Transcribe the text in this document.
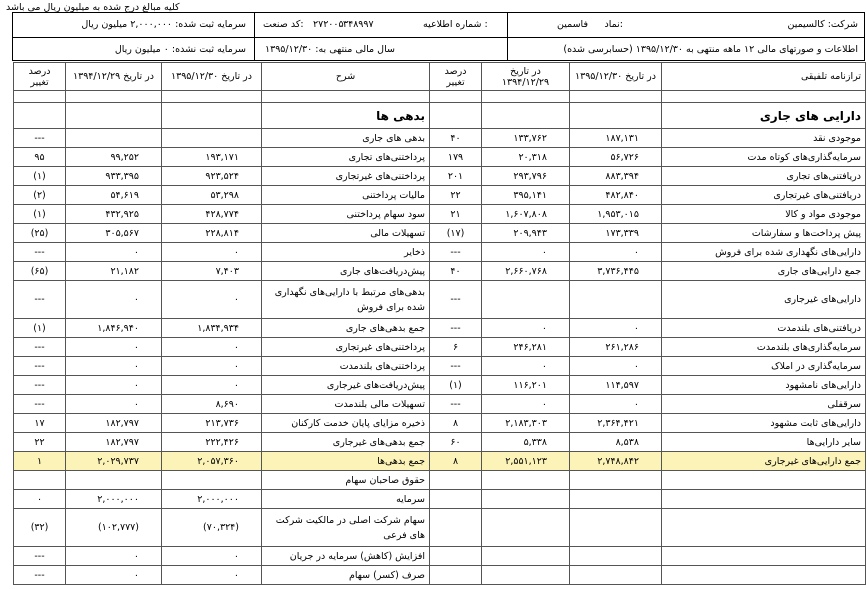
کلیه مبالغ درج شده به میلیون ریال می باشد
شرکت: کالسیمین
فاسمین نماد:
اطلاعات و صورتهای مالی ۱۲ ماهه منتهی به ۱۳۹۵/۱۲/۳۰ (حسابرسی شده)
۳۴۸۹۹۷	شماره اطلاعیه :
۲۷۲۰۰۵
کد صنعت:
سال مالی منتهی به: ۱۳۹۵/۱۲/۳۰
سرمایه ثبت شده: ۲,۰۰۰,۰۰۰ میلیون ریال
سرمایه ثبت نشده: ۰ میلیون ریال
درصد تغییر	در تاریخ ۱۳۹۴/۱۲/۲۹	در تاریخ ۱۳۹۵/۱۲/۳۰	شرح	درصد تغییر	در تاریخ ۱۳۹۴/۱۲/۲۹	در تاریخ ۱۳۹۵/۱۲/۳۰	ترازنامه تلفیقی

			بدهی ها				دارایی های جاری
---			بدهی های جاری	۴۰	۱۳۳,۷۶۲	۱۸۷,۱۳۱	موجودی نقد
۹۵	۹۹,۲۵۲	۱۹۳,۱۷۱	پرداختنی‌های تجاری	۱۷۹	۲۰,۳۱۸	۵۶,۷۲۶	سرمایه‌گذاری‌های کوتاه مدت
(۱)	۹۳۳,۳۹۵	۹۲۳,۵۲۴	پرداختنی‌های غیرتجاری	۲۰۱	۲۹۳,۷۹۶	۸۸۳,۳۹۴	دریافتنی‌های تجاری
(۲)	۵۴,۶۱۹	۵۳,۲۹۸	مالیات پرداختنی	۲۲	۳۹۵,۱۴۱	۴۸۲,۸۴۰	دریافتنی‌های غیرتجاری
(۱)	۴۳۲,۹۲۵	۴۲۸,۷۷۴	سود سهام پرداختنی	۲۱	۱,۶۰۷,۸۰۸	۱,۹۵۳,۰۱۵	موجودی مواد و کالا
(۲۵)	۳۰۵,۵۶۷	۲۲۸,۸۱۴	تسهیلات مالی	(۱۷)	۲۰۹,۹۴۳	۱۷۳,۳۳۹	پیش پرداخت‌ها و سفارشات
---	۰	۰	ذخایر	---	۰	۰	دارایی‌های نگهداری شده برای فروش
(۶۵)	۲۱,۱۸۲	۷,۴۰۳	پیش‌دریافت‌های جاری	۴۰	۲,۶۶۰,۷۶۸	۳,۷۳۶,۴۴۵	جمع دارایی‌های جاری
---	۰	۰	بدهی‌های مرتبط با دارایی‌های نگهداری شده برای فروش	---			دارایی‌های غیرجاری
(۱)	۱,۸۴۶,۹۴۰	۱,۸۳۴,۹۳۴	جمع بدهی‌های جاری	---	۰	۰	دریافتنی‌های بلندمدت
---	۰	۰	پرداختنی‌های غیرتجاری	۶	۲۴۶,۲۸۱	۲۶۱,۲۸۶	سرمایه‌گذاری‌های بلندمدت
---	۰	۰	پرداختنی‌های بلندمدت	---	۰	۰	سرمایه‌گذاری در املاک
---	۰	۰	پیش‌دریافت‌های غیرجاری	(۱)	۱۱۶,۲۰۱	۱۱۴,۵۹۷	دارایی‌های نامشهود
---	۰	۸,۶۹۰	تسهیلات مالی بلندمدت	---	۰	۰	سرقفلی
۱۷	۱۸۲,۷۹۷	۲۱۳,۷۳۶	ذخیره مزایای پایان خدمت کارکنان	۸	۲,۱۸۳,۳۰۳	۲,۳۶۴,۴۲۱	دارایی‌های ثابت مشهود
۲۲	۱۸۲,۷۹۷	۲۲۲,۴۲۶	جمع بدهی‌های غیرجاری	۶۰	۵,۳۳۸	۸,۵۳۸	سایر دارایی‌ها
۱	۲,۰۲۹,۷۳۷	۲,۰۵۷,۳۶۰	جمع بدهی‌ها	۸	۲,۵۵۱,۱۲۳	۲,۷۴۸,۸۴۲	جمع دارایی‌های غیرجاری
			حقوق صاحبان سهام				
۰	۲,۰۰۰,۰۰۰	۲,۰۰۰,۰۰۰	سرمایه				
(۳۲)	(۱۰۲,۷۷۷)	(۷۰,۳۲۴)	سهام شرکت اصلی در مالکیت شرکت های فرعی				
---	۰	۰	افزایش (کاهش) سرمایه در جریان				
---	۰	۰	صرف (کسر) سهام				
